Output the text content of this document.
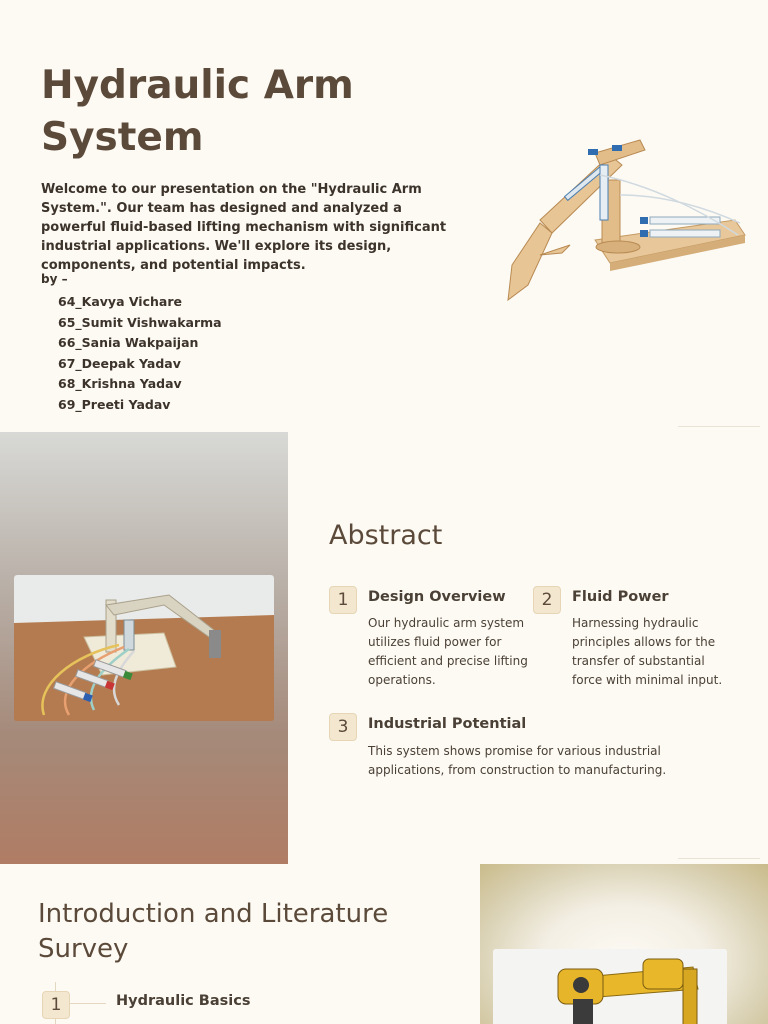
Hydraulic Arm System

Welcome to our presentation on the "Hydraulic Arm System.". Our team has designed and analyzed a powerful fluid-based lifting mechanism with significant industrial applications. We'll explore its design, components, and potential impacts.

by –
64_Kavya Vichare
65_Sumit Vishwakarma
66_Sania Wakpaijan
67_Deepak Yadav
68_Krishna Yadav
69_Preeti Yadav
Abstract
1	Design Overview

Our hydraulic arm system utilizes fluid power for efficient and precise lifting operations.

2	Fluid Power

Harnessing hydraulic principles allows for the transfer of substantial force with minimal input.

3	Industrial Potential

This system shows promise for various industrial applications, from construction to manufacturing.

Introduction and Literature Survey
1	Hydraulic Basics
